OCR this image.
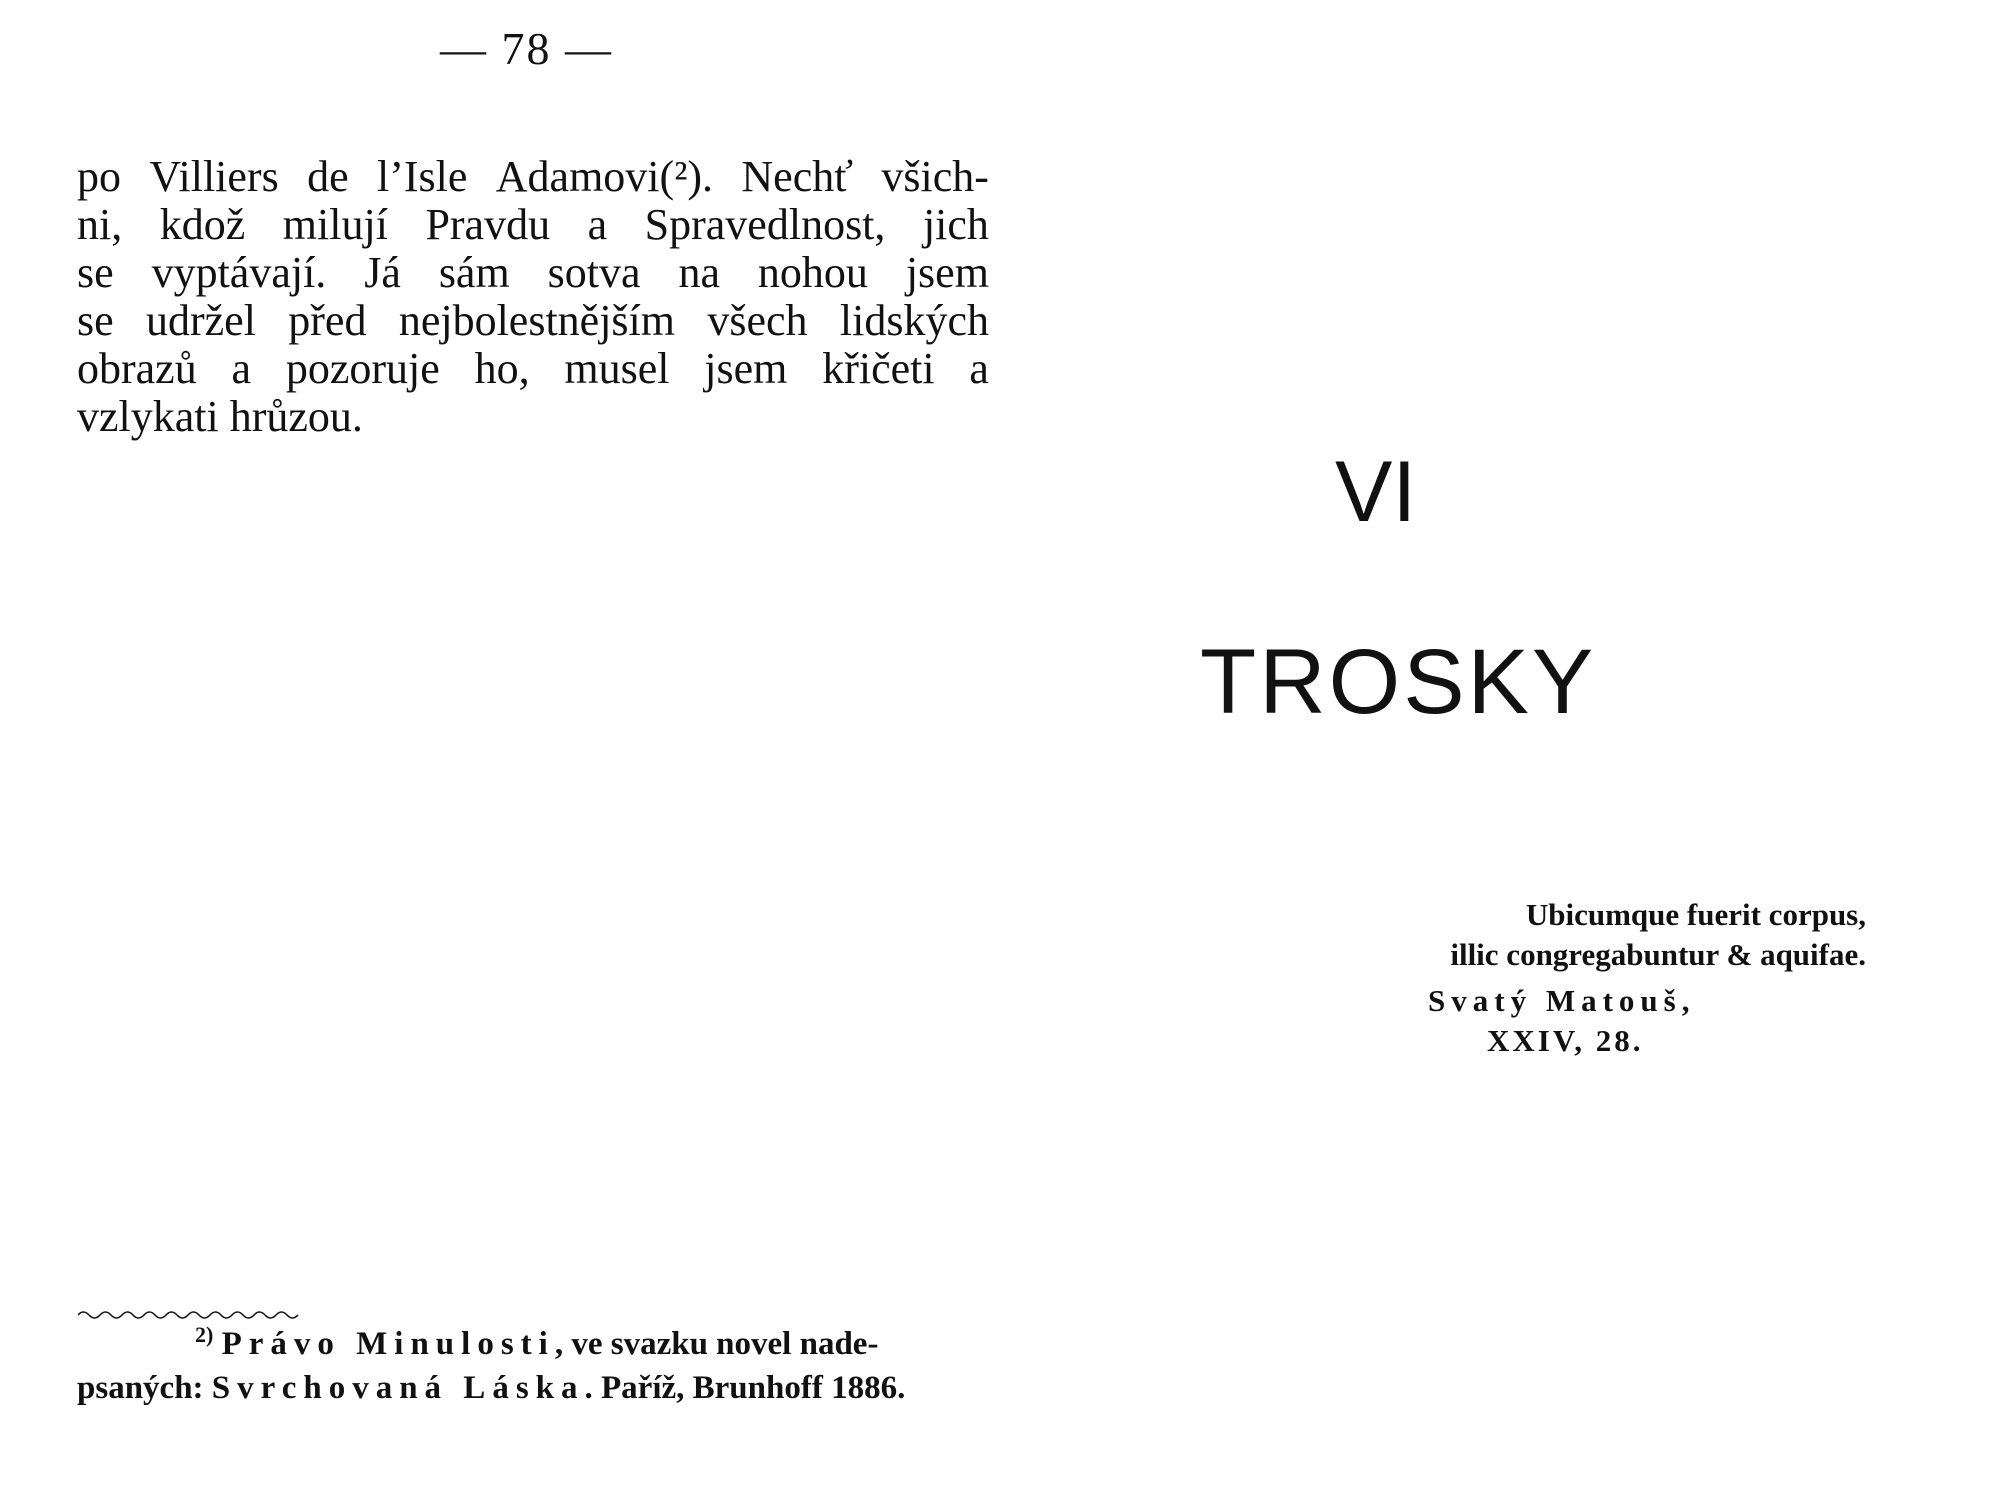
— 78 —

po Villiers de l’Isle Adamovi(²). Nechť všich-

ni, kdož milují Pravdu a Spravedlnost, jich

se vyptávají. Já sám sotva na nohou jsem

se udržel před nejbolestnějším všech lidských

obrazů a pozoruje ho, musel jsem křičeti a

vzlykati hrůzou.

$^{2)}$ Právo Minulosti, ve svazku novel nade-

psaných: Svrchovaná Láska. Paříž, Brunhoff 1886.

VI
TROSKY
Ubicumque fuerit corpus,
illic congregabuntur & aquifae.
Svatý Matouš,
XXIV, 28.
